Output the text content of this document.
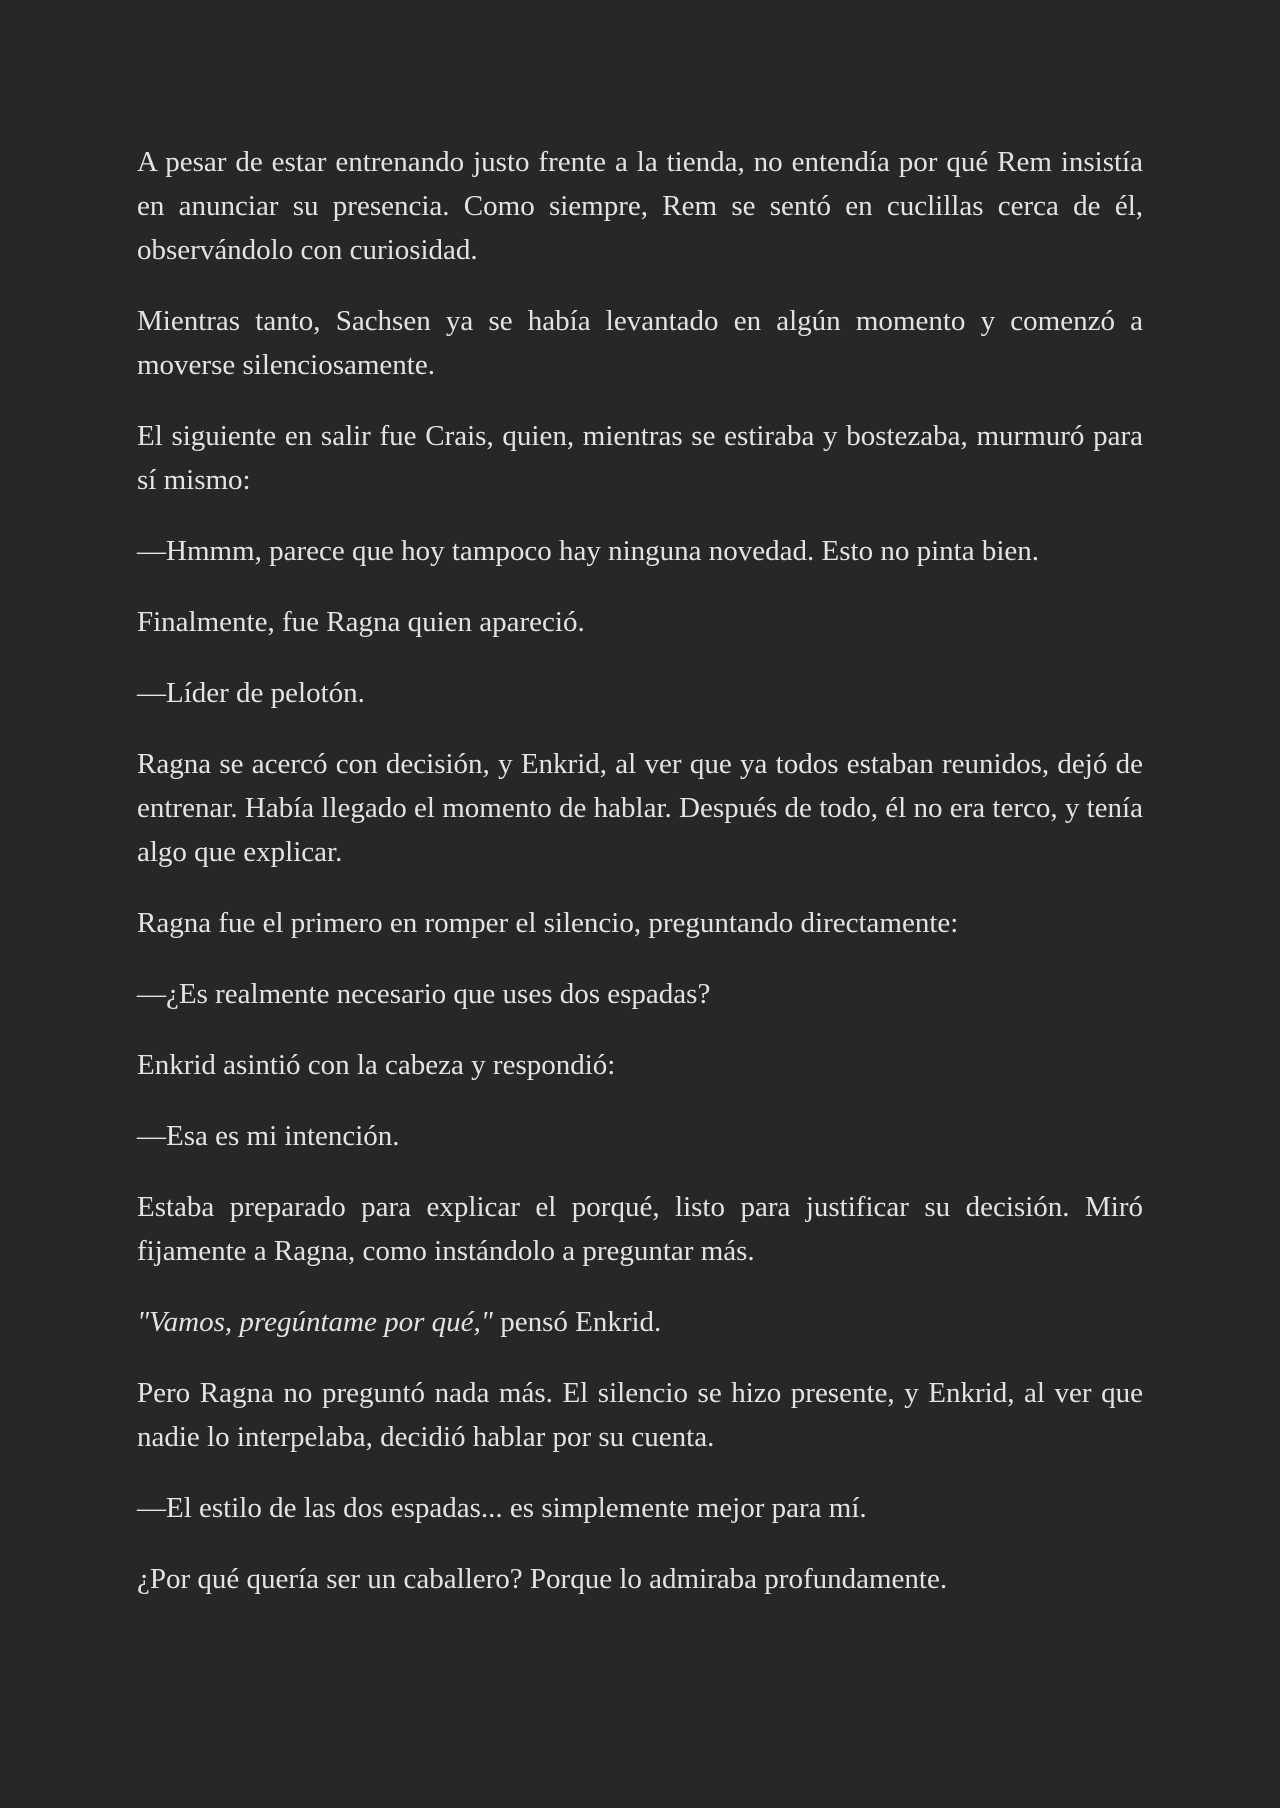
A pesar de estar entrenando justo frente a la tienda, no entendía por qué Rem insistía en anunciar su presencia. Como siempre, Rem se sentó en cuclillas cerca de él, observándolo con curiosidad.

Mientras tanto, Sachsen ya se había levantado en algún momento y comenzó a moverse silenciosamente.

El siguiente en salir fue Crais, quien, mientras se estiraba y bostezaba, murmuró para sí mismo:

—Hmmm, parece que hoy tampoco hay ninguna novedad. Esto no pinta bien.

Finalmente, fue Ragna quien apareció.

—Líder de pelotón.

Ragna se acercó con decisión, y Enkrid, al ver que ya todos estaban reunidos, dejó de entrenar. Había llegado el momento de hablar. Después de todo, él no era terco, y tenía algo que explicar.

Ragna fue el primero en romper el silencio, preguntando directamente:

—¿Es realmente necesario que uses dos espadas?

Enkrid asintió con la cabeza y respondió:

—Esa es mi intención.

Estaba preparado para explicar el porqué, listo para justificar su decisión. Miró fijamente a Ragna, como instándolo a preguntar más.

"Vamos, pregúntame por qué," pensó Enkrid.

Pero Ragna no preguntó nada más. El silencio se hizo presente, y Enkrid, al ver que nadie lo interpelaba, decidió hablar por su cuenta.

—El estilo de las dos espadas... es simplemente mejor para mí.

¿Por qué quería ser un caballero? Porque lo admiraba profundamente.
